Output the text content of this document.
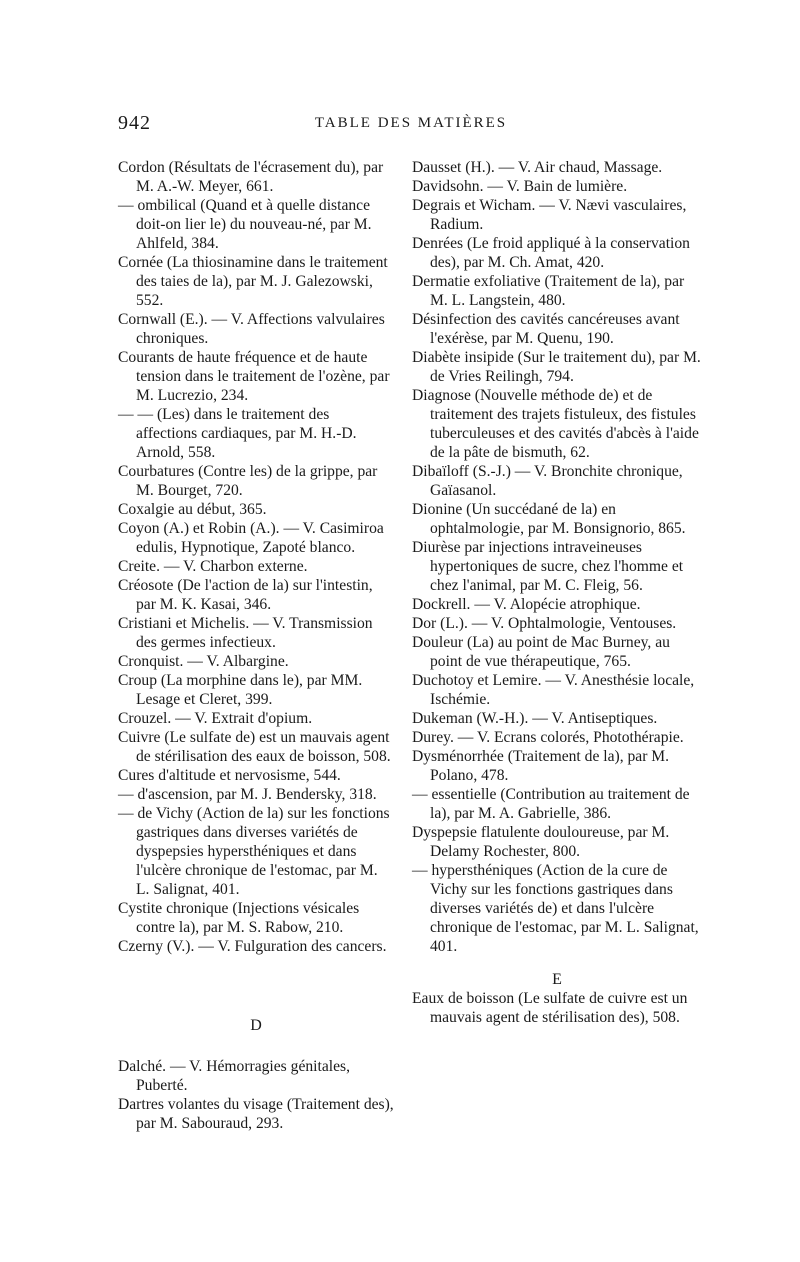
942	TABLE DES MATIÈRES
Cordon (Résultats de l'écrasement du), par M. A.-W. Meyer, 661.
— ombilical (Quand et à quelle distance doit-on lier le) du nouveau-né, par M. Ahlfeld, 384.
Cornée (La thiosinamine dans le traitement des taies de la), par M. J. Galezowski, 552.
Cornwall (E.). — V. Affections valvulaires chroniques.
Courants de haute fréquence et de haute tension dans le traitement de l'ozène, par M. Lucrezio, 234.
— — (Les) dans le traitement des affections cardiaques, par M. H.-D. Arnold, 558.
Courbatures (Contre les) de la grippe, par M. Bourget, 720.
Coxalgie au début, 365.
Coyon (A.) et Robin (A.). — V. Casimiroa edulis, Hypnotique, Zapoté blanco.
Creite. — V. Charbon externe.
Créosote (De l'action de la) sur l'intestin, par M. K. Kasai, 346.
Cristiani et Michelis. — V. Transmission des germes infectieux.
Cronquist. — V. Albargine.
Croup (La morphine dans le), par MM. Lesage et Cleret, 399.
Crouzel. — V. Extrait d'opium.
Cuivre (Le sulfate de) est un mauvais agent de stérilisation des eaux de boisson, 508.
Cures d'altitude et nervosisme, 544.
— d'ascension, par M. J. Bendersky, 318.
— de Vichy (Action de la) sur les fonctions gastriques dans diverses variétés de dyspepsies hypersthéniques et dans l'ulcère chronique de l'estomac, par M. L. Salignat, 401.
Cystite chronique (Injections vésicales contre la), par M. S. Rabow, 210.
Czerny (V.). — V. Fulguration des cancers.
D
Dalché. — V. Hémorragies génitales, Puberté.
Dartres volantes du visage (Traitement des), par M. Sabouraud, 293.
Dausset (H.). — V. Air chaud, Massage.
Davidsohn. — V. Bain de lumière.
Degrais et Wicham. — V. Nævi vasculaires, Radium.
Denrées (Le froid appliqué à la conservation des), par M. Ch. Amat, 420.
Dermatie exfoliative (Traitement de la), par M. L. Langstein, 480.
Désinfection des cavités cancéreuses avant l'exérèse, par M. Quenu, 190.
Diabète insipide (Sur le traitement du), par M. de Vries Reilingh, 794.
Diagnose (Nouvelle méthode de) et de traitement des trajets fistuleux, des fistules tuberculeuses et des cavités d'abcès à l'aide de la pâte de bismuth, 62.
Dibaïloff (S.-J.) — V. Bronchite chronique, Gaïasanol.
Dionine (Un succédané de la) en ophtalmologie, par M. Bonsignorio, 865.
Diurèse par injections intraveineuses hypertoniques de sucre, chez l'homme et chez l'animal, par M. C. Fleig, 56.
Dockrell. — V. Alopécie atrophique.
Dor (L.). — V. Ophtalmologie, Ventouses.
Douleur (La) au point de Mac Burney, au point de vue thérapeutique, 765.
Duchotoy et Lemire. — V. Anesthésie locale, Ischémie.
Dukeman (W.-H.). — V. Antiseptiques.
Durey. — V. Ecrans colorés, Photothérapie.
Dysménorrhée (Traitement de la), par M. Polano, 478.
— essentielle (Contribution au traitement de la), par M. A. Gabrielle, 386.
Dyspepsie flatulente douloureuse, par M. Delamy Rochester, 800.
— hypersthéniques (Action de la cure de Vichy sur les fonctions gastriques dans diverses variétés de) et dans l'ulcère chronique de l'estomac, par M. L. Salignat, 401.
E
Eaux de boisson (Le sulfate de cuivre est un mauvais agent de stérilisation des), 508.
